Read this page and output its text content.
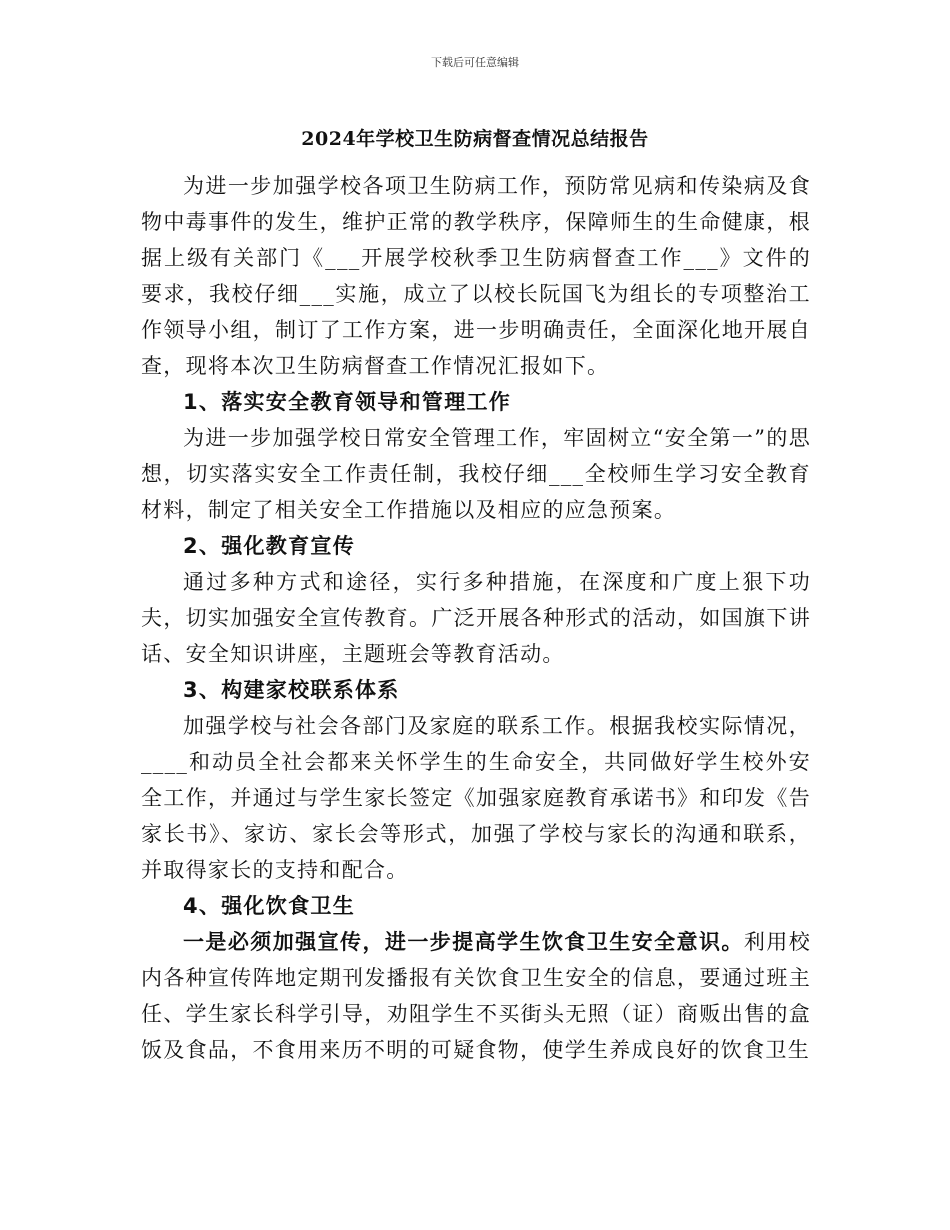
下载后可任意编辑
2024年学校卫生防病督查情况总结报告

为进一步加强学校各项卫生防病工作，预防常见病和传染病及食物中毒事件的发生，维护正常的教学秩序，保障师生的生命健康，根据上级有关部门《___开展学校秋季卫生防病督查工作___》文件的要求，我校仔细___实施，成立了以校长阮国飞为组长的专项整治工作领导小组，制订了工作方案，进一步明确责任，全面深化地开展自查，现将本次卫生防病督查工作情况汇报如下。

1、落实安全教育领导和管理工作

为进一步加强学校日常安全管理工作，牢固树立“安全第一”的思想，切实落实安全工作责任制，我校仔细___全校师生学习安全教育材料，制定了相关安全工作措施以及相应的应急预案。

2、强化教育宣传

通过多种方式和途径，实行多种措施，在深度和广度上狠下功夫，切实加强安全宣传教育。广泛开展各种形式的活动，如国旗下讲话、安全知识讲座，主题班会等教育活动。

3、构建家校联系体系

加强学校与社会各部门及家庭的联系工作。根据我校实际情况，____和动员全社会都来关怀学生的生命安全，共同做好学生校外安全工作，并通过与学生家长签定《加强家庭教育承诺书》和印发《告家长书》、家访、家长会等形式，加强了学校与家长的沟通和联系，并取得家长的支持和配合。

4、强化饮食卫生

一是必须加强宣传，进一步提高学生饮食卫生安全意识。利用校内各种宣传阵地定期刊发播报有关饮食卫生安全的信息，要通过班主任、学生家长科学引导，劝阻学生不买街头无照（证）商贩出售的盒饭及食品，不食用来历不明的可疑食物，使学生养成良好的饮食卫生
